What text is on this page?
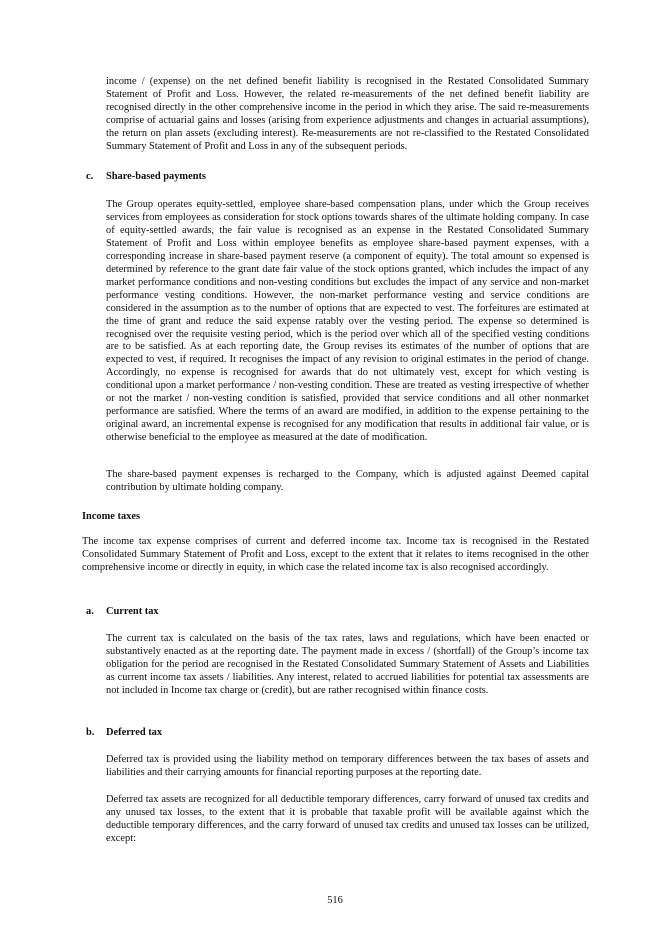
income / (expense) on the net defined benefit liability is recognised in the Restated Consolidated Summary Statement of Profit and Loss. However, the related re-measurements of the net defined benefit liability are recognised directly in the other comprehensive income in the period in which they arise. The said re-measurements comprise of actuarial gains and losses (arising from experience adjustments and changes in actuarial assumptions), the return on plan assets (excluding interest). Re-measurements are not re-classified to the Restated Consolidated Summary Statement of Profit and Loss in any of the subsequent periods.

c. Share-based payments

The Group operates equity-settled, employee share-based compensation plans, under which the Group receives services from employees as consideration for stock options towards shares of the ultimate holding company. In case of equity-settled awards, the fair value is recognised as an expense in the Restated Consolidated Summary Statement of Profit and Loss within employee benefits as employee share-based payment expenses, with a corresponding increase in share-based payment reserve (a component of equity). The total amount so expensed is determined by reference to the grant date fair value of the stock options granted, which includes the impact of any market performance conditions and non-vesting conditions but excludes the impact of any service and non-market performance vesting conditions. However, the non-market performance vesting and service conditions are considered in the assumption as to the number of options that are expected to vest. The forfeitures are estimated at the time of grant and reduce the said expense ratably over the vesting period. The expense so determined is recognised over the requisite vesting period, which is the period over which all of the specified vesting conditions are to be satisfied. As at each reporting date, the Group revises its estimates of the number of options that are expected to vest, if required. It recognises the impact of any revision to original estimates in the period of change. Accordingly, no expense is recognised for awards that do not ultimately vest, except for which vesting is conditional upon a market performance / non-vesting condition. These are treated as vesting irrespective of whether or not the market / non-vesting condition is satisfied, provided that service conditions and all other nonmarket performance are satisfied. Where the terms of an award are modified, in addition to the expense pertaining to the original award, an incremental expense is recognised for any modification that results in additional fair value, or is otherwise beneficial to the employee as measured at the date of modification.

The share-based payment expenses is recharged to the Company, which is adjusted against Deemed capital contribution by ultimate holding company.

Income taxes

The income tax expense comprises of current and deferred income tax. Income tax is recognised in the Restated Consolidated Summary Statement of Profit and Loss, except to the extent that it relates to items recognised in the other comprehensive income or directly in equity, in which case the related income tax is also recognised accordingly.

a. Current tax

The current tax is calculated on the basis of the tax rates, laws and regulations, which have been enacted or substantively enacted as at the reporting date. The payment made in excess / (shortfall) of the Group’s income tax obligation for the period are recognised in the Restated Consolidated Summary Statement of Assets and Liabilities as current income tax assets / liabilities. Any interest, related to accrued liabilities for potential tax assessments are not included in Income tax charge or (credit), but are rather recognised within finance costs.

b. Deferred tax

Deferred tax is provided using the liability method on temporary differences between the tax bases of assets and liabilities and their carrying amounts for financial reporting purposes at the reporting date.

Deferred tax assets are recognized for all deductible temporary differences, carry forward of unused tax credits and any unused tax losses, to the extent that it is probable that taxable profit will be available against which the deductible temporary differences, and the carry forward of unused tax credits and unused tax losses can be utilized, except:

516
